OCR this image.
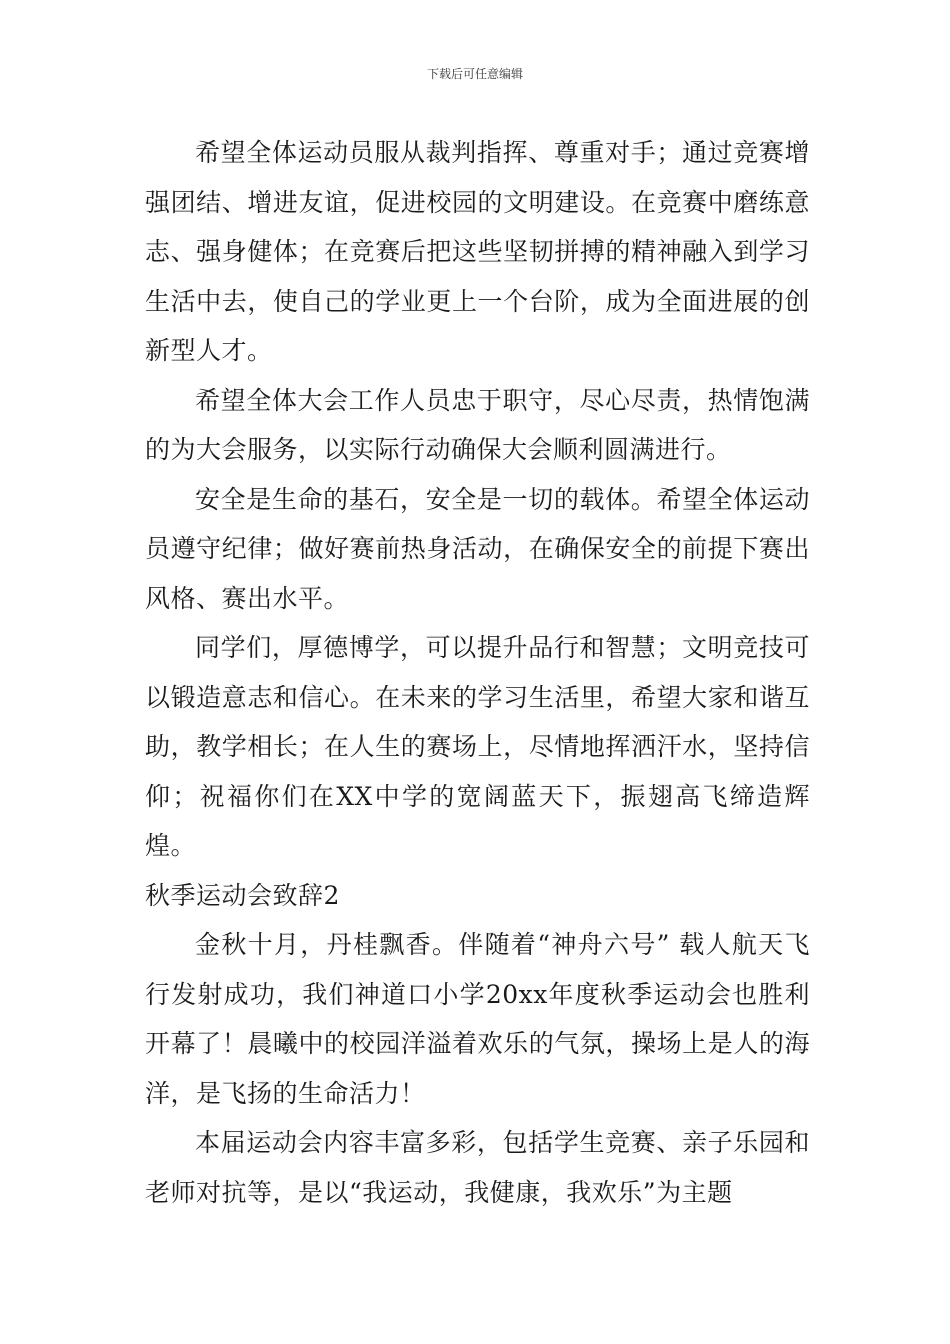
下载后可任意编辑

希望全体运动员服从裁判指挥、尊重对手；通过竞赛增强团结、增进友谊，促进校园的文明建设。在竞赛中磨练意志、强身健体；在竞赛后把这些坚韧拼搏的精神融入到学习生活中去，使自己的学业更上一个台阶，成为全面进展的创新型人才。

希望全体大会工作人员忠于职守，尽心尽责，热情饱满的为大会服务，以实际行动确保大会顺利圆满进行。

安全是生命的基石，安全是一切的载体。希望全体运动员遵守纪律；做好赛前热身活动，在确保安全的前提下赛出风格、赛出水平。

同学们，厚德博学，可以提升品行和智慧；文明竞技可以锻造意志和信心。在未来的学习生活里，希望大家和谐互助，教学相长；在人生的赛场上，尽情地挥洒汗水，坚持信仰；祝福你们在XX中学的宽阔蓝天下，振翅高飞缔造辉煌。

秋季运动会致辞2

金秋十月，丹桂飘香。伴随着“神舟六号” 载人航天飞行发射成功，我们神道口小学20xx年度秋季运动会也胜利开幕了！晨曦中的校园洋溢着欢乐的气氛，操场上是人的海洋，是飞扬的生命活力！

本届运动会内容丰富多彩，包括学生竞赛、亲子乐园和老师对抗等，是以“我运动，我健康，我欢乐”为主题
